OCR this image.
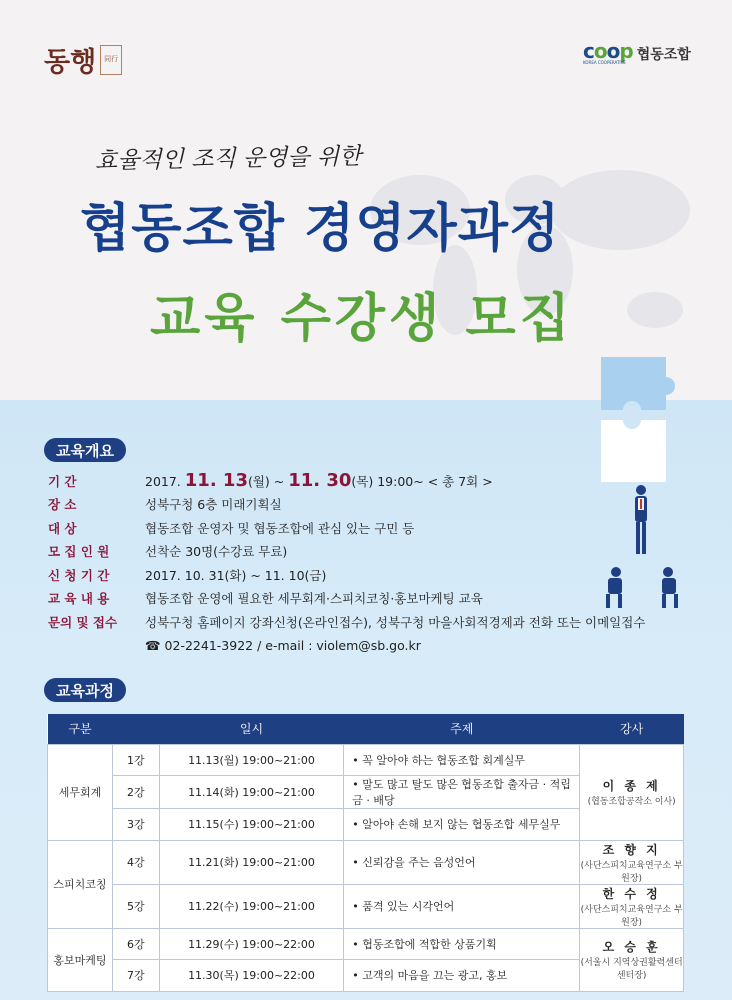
동행	同行	coop
KOREA COOPERATIVE 협동조합
효율적인 조직 운영을 위한
협동조합 경영자과정
교육 수강생 모집
교육개요
기 간	2017. 11. 13(월) ~ 11. 30(목) 19:00~ < 총 7회 >
장 소	성북구청 6층 미래기획실
대 상	협동조합 운영자 및 협동조합에 관심 있는 구민 등
모 집 인 원	선착순 30명(수강료 무료)
신 청 기 간	2017. 10. 31(화) ~ 11. 10(금)
교 육 내 용	협동조합 운영에 필요한 세무회계·스피치코칭·홍보마케팅 교육
문의 및 접수	성북구청 홈페이지 강좌신청(온라인접수), 성북구청 마을사회적경제과 전화 또는 이메일접수
☎ 02-2241-3922 / e-mail : violem@sb.go.kr
교육과정
구분		일시	주제	강사
세무회계	1강	11.13(월) 19:00~21:00	• 꼭 알아야 하는 협동조합 회계실무	이 종 제
(협동조합공작소 이사)

	2강	11.14(화) 19:00~21:00	• 말도 많고 탈도 많은 협동조합 출자금 · 적립금 · 배당	
	3강	11.15(수) 19:00~21:00	• 알아야 손해 보지 않는 협동조합 세무실무	
스피치코칭	4강	11.21(화) 19:00~21:00	• 신뢰감을 주는 음성언어	조 향 지
(사단스피치교육연구소 부원장)

	5강	11.22(수) 19:00~21:00	• 품격 있는 시각언어	한 수 정
(사단스피치교육연구소 부원장)

홍보마케팅	6강	11.29(수) 19:00~22:00	• 협동조합에 적합한 상품기획	오 승 훈
(서울시 지역상권활력센터 센터장)

	7강	11.30(목) 19:00~22:00	• 고객의 마음을 끄는 광고, 홍보	
